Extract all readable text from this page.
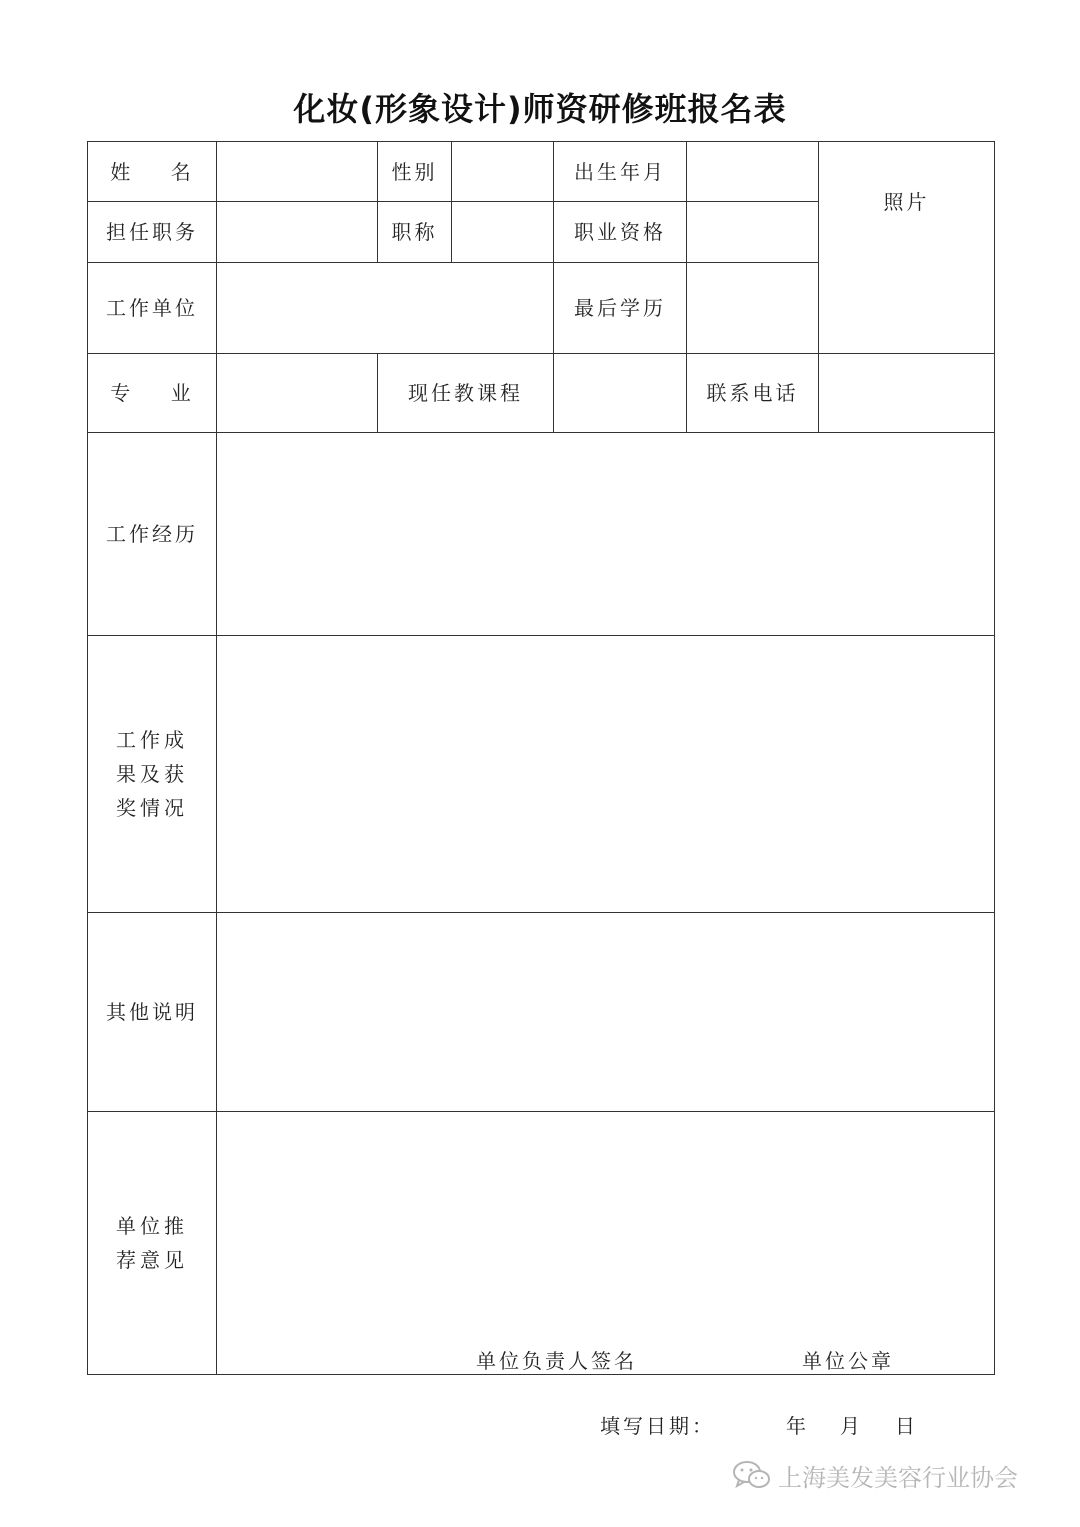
化妆(形象设计)师资研修班报名表
姓    名		性别		出生年月		照片
担任职务		职称		职业资格		
工作单位				最后学历		
专    业		现任教课程			联系电话	
工作经历						
工作成果及获奖情况						
其他说明						
单位推荐意见	单位负责人签名 单位公章					
填写日期：	年 月 日
上海美发美容行业协会
